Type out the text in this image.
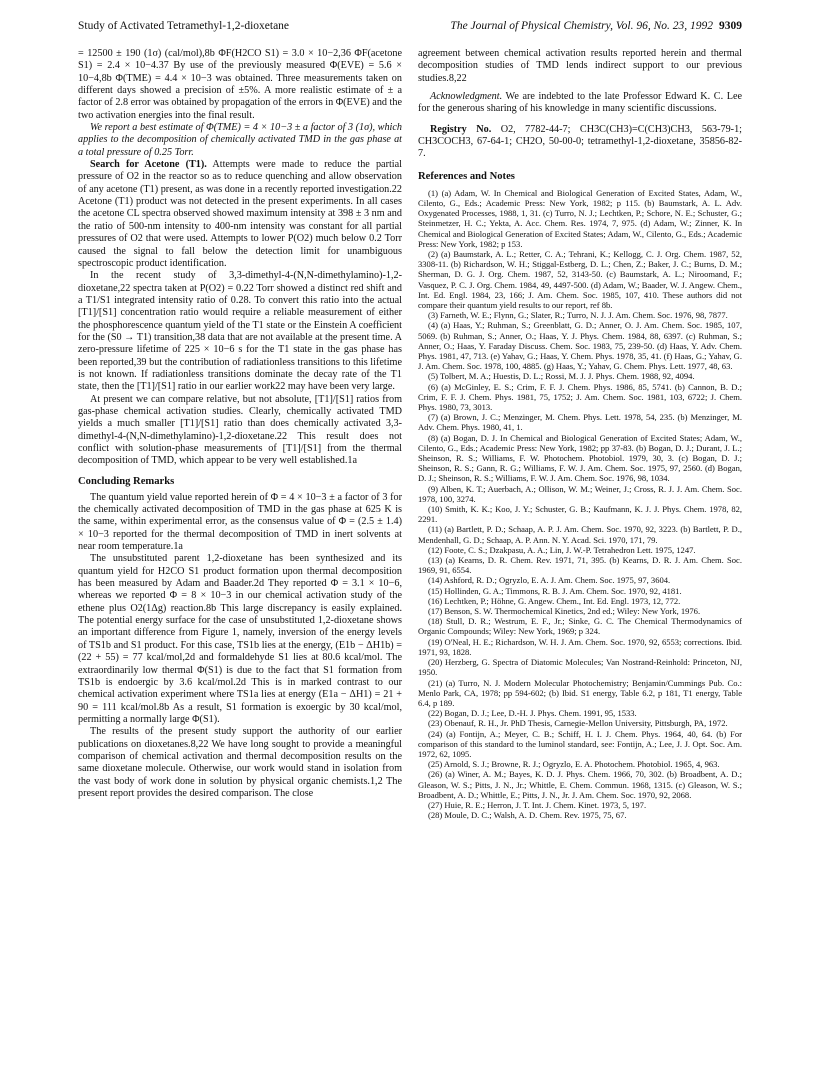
Study of Activated Tetramethyl-1,2-dioxetane	The Journal of Physical Chemistry, Vol. 96, No. 23, 1992 9309

= 12500 ± 190 (1σ) (cal/mol),8b ΦF(H2CO S1) = 3.0 × 10−2,36 ΦF(acetone S1) = 2.4 × 10−4.37 By use of the previously measured Φ(EVE) = 5.6 × 10−4,8b Φ(TME) = 4.4 × 10−3 was obtained. Three measurements taken on different days showed a precision of ±5%. A more realistic estimate of ± a factor of 2.8 error was obtained by propagation of the errors in Φ(EVE) and the two activation energies into the final result.

We report a best estimate of Φ(TME) = 4 × 10−3 ± a factor of 3 (1σ), which applies to the decomposition of chemically activated TMD in the gas phase at a total pressure of 0.25 Torr.

Search for Acetone (T1). Attempts were made to reduce the partial pressure of O2 in the reactor so as to reduce quenching and allow observation of any acetone (T1) present, as was done in a recently reported investigation.22 Acetone (T1) product was not detected in the present experiments. In all cases the acetone CL spectra observed showed maximum intensity at 398 ± 3 nm and the ratio of 500-nm intensity to 400-nm intensity was constant for all partial pressures of O2 that were used. Attempts to lower P(O2) much below 0.2 Torr caused the signal to fall below the detection limit for unambiguous spectroscopic product identification.

In the recent study of 3,3-dimethyl-4-(N,N-dimethylamino)-1,2-dioxetane,22 spectra taken at P(O2) = 0.22 Torr showed a distinct red shift and a T1/S1 integrated intensity ratio of 0.28. To convert this ratio into the actual [T1]/[S1] concentration ratio would require a reliable measurement of either the phosphorescence quantum yield of the T1 state or the Einstein A coefficient for the (S0 → T1) transition,38 data that are not available at the present time. A zero-pressure lifetime of 225 × 10−6 s for the T1 state in the gas phase has been reported,39 but the contribution of radiationless transitions to this lifetime is not known. If radiationless transitions dominate the decay rate of the T1 state, then the [T1]/[S1] ratio in our earlier work22 may have been very large.

At present we can compare relative, but not absolute, [T1]/[S1] ratios from gas-phase chemical activation studies. Clearly, chemically activated TMD yields a much smaller [T1]/[S1] ratio than does chemically activated 3,3-dimethyl-4-(N,N-dimethylamino)-1,2-dioxetane.22 This result does not conflict with solution-phase measurements of [T1]/[S1] from the thermal decomposition of TMD, which appear to be very well established.1a

Concluding Remarks

The quantum yield value reported herein of Φ = 4 × 10−3 ± a factor of 3 for the chemically activated decomposition of TMD in the gas phase at 625 K is the same, within experimental error, as the consensus value of Φ = (2.5 ± 1.4) × 10−3 reported for the thermal decomposition of TMD in inert solvents at near room temperature.1a

The unsubstituted parent 1,2-dioxetane has been synthesized and its quantum yield for H2CO S1 product formation upon thermal decomposition has been measured by Adam and Baader.2d They reported Φ = 3.1 × 10−6, whereas we reported Φ = 8 × 10−3 in our chemical activation study of the ethene plus O2(1Δg) reaction.8b This large discrepancy is easily explained. The potential energy surface for the case of unsubstituted 1,2-dioxetane shows an important difference from Figure 1, namely, inversion of the energy levels of TS1b and S1 product. For this case, TS1b lies at the energy, (E1b − ΔH1b) = (22 + 55) = 77 kcal/mol,2d and formaldehyde S1 lies at 80.6 kcal/mol. The extraordinarily low thermal Φ(S1) is due to the fact that S1 formation from TS1b is endoergic by 3.6 kcal/mol.2d This is in marked contrast to our chemical activation experiment where TS1a lies at energy (E1a − ΔH1) = 21 + 90 = 111 kcal/mol.8b As a result, S1 formation is exoergic by 30 kcal/mol, permitting a normally large Φ(S1).

The results of the present study support the authority of our earlier publications on dioxetanes.8,22 We have long sought to provide a meaningful comparison of chemical activation and thermal decomposition results on the same dioxetane molecule. Otherwise, our work would stand in isolation from the vast body of work done in solution by physical organic chemists.1,2 The present report provides the desired comparison. The close

agreement between chemical activation results reported herein and thermal decomposition studies of TMD lends indirect support to our previous studies.8,22

Acknowledgment. We are indebted to the late Professor Edward K. C. Lee for the generous sharing of his knowledge in many scientific discussions.

Registry No. O2, 7782-44-7; CH3C(CH3)=C(CH3)CH3, 563-79-1; CH3COCH3, 67-64-1; CH2O, 50-00-0; tetramethyl-1,2-dioxetane, 35856-82-7.

References and Notes

(1) (a) Adam, W. In Chemical and Biological Generation of Excited States, Adam, W., Cilento, G., Eds.; Academic Press: New York, 1982; p 115. (b) Baumstark, A. L. Adv. Oxygenated Processes, 1988, 1, 31. (c) Turro, N. J.; Lechtken, P.; Schore, N. E.; Schuster, G.; Steinmetzer, H. C.; Yekta, A. Acc. Chem. Res. 1974, 7, 975. (d) Adam, W.; Zinner, K. In Chemical and Biological Generation of Excited States; Adam, W., Cilento, G., Eds.; Academic Press: New York, 1982; p 153.

(2) (a) Baumstark, A. L.; Retter, C. A.; Tehrani, K.; Kellogg, C. J. Org. Chem. 1987, 52, 3308-11. (b) Richardson, W. H.; Stiggal-Estberg, D. L.; Chen, Z.; Baker, J. C.; Burns, D. M.; Sherman, D. G. J. Org. Chem. 1987, 52, 3143-50. (c) Baumstark, A. L.; Niroomand, F.; Vasquez, P. C. J. Org. Chem. 1984, 49, 4497-500. (d) Adam, W.; Baader, W. J. Angew. Chem., Int. Ed. Engl. 1984, 23, 166; J. Am. Chem. Soc. 1985, 107, 410. These authors did not compare their quantum yield results to our report, ref 8b.

(3) Farneth, W. E.; Flynn, G.; Slater, R.; Turro, N. J. J. Am. Chem. Soc. 1976, 98, 7877.

(4) (a) Haas, Y.; Ruhman, S.; Greenblatt, G. D.; Anner, O. J. Am. Chem. Soc. 1985, 107, 5069. (b) Ruhman, S.; Anner, O.; Haas, Y. J. Phys. Chem. 1984, 88, 6397. (c) Ruhman, S.; Anner, O.; Haas, Y. Faraday Discuss. Chem. Soc. 1983, 75, 239-50. (d) Haas, Y. Adv. Chem. Phys. 1981, 47, 713. (e) Yahav, G.; Haas, Y. Chem. Phys. 1978, 35, 41. (f) Haas, G.; Yahav, G. J. Am. Chem. Soc. 1978, 100, 4885. (g) Haas, Y.; Yahav, G. Chem. Phys. Lett. 1977, 48, 63.

(5) Tolbert, M. A.; Huestis, D. L.; Rossi, M. J. J. Phys. Chem. 1988, 92, 4094.

(6) (a) McGinley, E. S.; Crim, F. F. J. Chem. Phys. 1986, 85, 5741. (b) Cannon, B. D.; Crim, F. F. J. Chem. Phys. 1981, 75, 1752; J. Am. Chem. Soc. 1981, 103, 6722; J. Chem. Phys. 1980, 73, 3013.

(7) (a) Brown, J. C.; Menzinger, M. Chem. Phys. Lett. 1978, 54, 235. (b) Menzinger, M. Adv. Chem. Phys. 1980, 41, 1.

(8) (a) Bogan, D. J. In Chemical and Biological Generation of Excited States; Adam, W., Cilento, G., Eds.; Academic Press: New York, 1982; pp 37-83. (b) Bogan, D. J.; Durant, J. L.; Sheinson, R. S.; Williams, F. W. Photochem. Photobiol. 1979, 30, 3. (c) Bogan, D. J.; Sheinson, R. S.; Gann, R. G.; Williams, F. W. J. Am. Chem. Soc. 1975, 97, 2560. (d) Bogan, D. J.; Sheinson, R. S.; Williams, F. W. J. Am. Chem. Soc. 1976, 98, 1034.

(9) Alben, K. T.; Auerbach, A.; Ollison, W. M.; Weiner, J.; Cross, R. J. J. Am. Chem. Soc. 1978, 100, 3274.

(10) Smith, K. K.; Koo, J. Y.; Schuster, G. B.; Kaufmann, K. J. J. Phys. Chem. 1978, 82, 2291.

(11) (a) Bartlett, P. D.; Schaap, A. P. J. Am. Chem. Soc. 1970, 92, 3223. (b) Bartlett, P. D., Mendenhall, G. D.; Schaap, A. P. Ann. N. Y. Acad. Sci. 1970, 171, 79.

(12) Foote, C. S.; Dzakpasu, A. A.; Lin, J. W.-P. Tetrahedron Lett. 1975, 1247.

(13) (a) Kearns, D. R. Chem. Rev. 1971, 71, 395. (b) Kearns, D. R. J. Am. Chem. Soc. 1969, 91, 6554.

(14) Ashford, R. D.; Ogryzlo, E. A. J. Am. Chem. Soc. 1975, 97, 3604.

(15) Hollinden, G. A.; Timmons, R. B. J. Am. Chem. Soc. 1970, 92, 4181.

(16) Lechtken, P.; Höhne, G. Angew. Chem., Int. Ed. Engl. 1973, 12, 772.

(17) Benson, S. W. Thermochemical Kinetics, 2nd ed.; Wiley: New York, 1976.

(18) Stull, D. R.; Westrum, E. F., Jr.; Sinke, G. C. The Chemical Thermodynamics of Organic Compounds; Wiley: New York, 1969; p 324.

(19) O'Neal, H. E.; Richardson, W. H. J. Am. Chem. Soc. 1970, 92, 6553; corrections. Ibid. 1971, 93, 1828.

(20) Herzberg, G. Spectra of Diatomic Molecules; Van Nostrand-Reinhold: Princeton, NJ, 1950.

(21) (a) Turro, N. J. Modern Molecular Photochemistry; Benjamin/Cummings Pub. Co.: Menlo Park, CA, 1978; pp 594-602; (b) Ibid. S1 energy, Table 6.2, p 181, T1 energy, Table 6.4, p 189.

(22) Bogan, D. J.; Lee, D.-H. J. Phys. Chem. 1991, 95, 1533.

(23) Obenauf, R. H., Jr. PhD Thesis, Carnegie-Mellon University, Pittsburgh, PA, 1972.

(24) (a) Fontijn, A.; Meyer, C. B.; Schiff, H. I. J. Chem. Phys. 1964, 40, 64. (b) For comparison of this standard to the luminol standard, see: Fontijn, A.; Lee, J. J. Opt. Soc. Am. 1972, 62, 1095.

(25) Arnold, S. J.; Browne, R. J.; Ogryzlo, E. A. Photochem. Photobiol. 1965, 4, 963.

(26) (a) Winer, A. M.; Bayes, K. D. J. Phys. Chem. 1966, 70, 302. (b) Broadbent, A. D.; Gleason, W. S.; Pitts, J. N., Jr.; Whittle, E. Chem. Commun. 1968, 1315. (c) Gleason, W. S.; Broadbent, A. D.; Whittle, E.; Pitts, J. N., Jr. J. Am. Chem. Soc. 1970, 92, 2068.

(27) Huie, R. E.; Herron, J. T. Int. J. Chem. Kinet. 1973, 5, 197.

(28) Moule, D. C.; Walsh, A. D. Chem. Rev. 1975, 75, 67.
